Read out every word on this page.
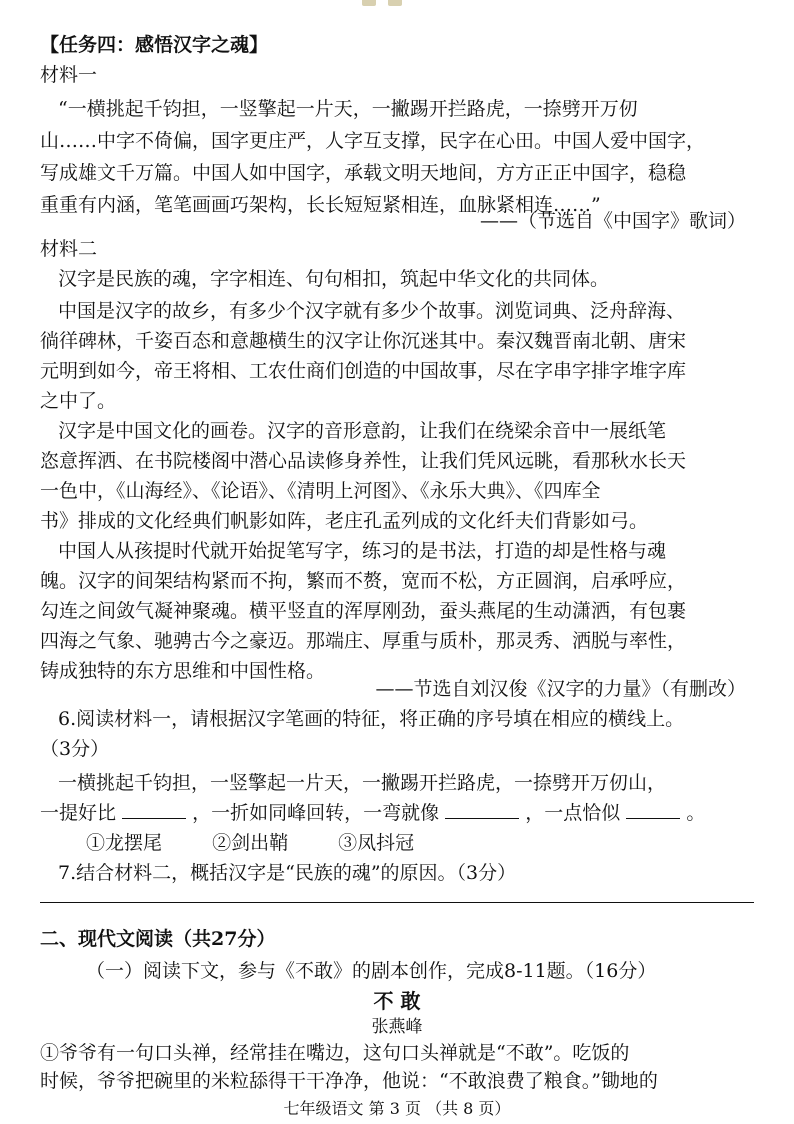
【任务四：感悟汉字之魂】
材料一
“一横挑起千钧担，一竖擎起一片天，一撇踢开拦路虎，一捺劈开万仞
山……中字不倚偏，国字更庄严，人字互支撑，民字在心田。中国人爱中国字，
写成雄文千万篇。中国人如中国字，承载文明天地间，方方正正中国字，稳稳
重重有内涵，笔笔画画巧架构，长长短短紧相连，血脉紧相连……”
——（节选自《中国字》歌词）
材料二
汉字是民族的魂，字字相连、句句相扣，筑起中华文化的共同体。
中国是汉字的故乡，有多少个汉字就有多少个故事。浏览词典、泛舟辞海、
徜徉碑林，千姿百态和意趣横生的汉字让你沉迷其中。秦汉魏晋南北朝、唐宋
元明到如今，帝王将相、工农仕商们创造的中国故事，尽在字串字排字堆字库
之中了。
汉字是中国文化的画卷。汉字的音形意韵，让我们在绕梁余音中一展纸笔
恣意挥洒、在书院楼阁中潜心品读修身养性，让我们凭风远眺，看那秋水长天
一色中，《山海经》、《论语》、《清明上河图》、《永乐大典》、《四库全
书》排成的文化经典们帆影如阵，老庄孔孟列成的文化纤夫们背影如弓。
中国人从孩提时代就开始捉笔写字，练习的是书法，打造的却是性格与魂
魄。汉字的间架结构紧而不拘，繁而不赘，宽而不松，方正圆润，启承呼应，
勾连之间敛气凝神聚魂。横平竖直的浑厚刚劲，蚕头燕尾的生动潇洒，有包裹
四海之气象、驰骋古今之豪迈。那端庄、厚重与质朴，那灵秀、洒脱与率性，
铸成独特的东方思维和中国性格。
——节选自刘汉俊《汉字的力量》（有删改）
6.阅读材料一，请根据汉字笔画的特征，将正确的序号填在相应的横线上。
（3分）
一横挑起千钧担，一竖擎起一片天，一撇踢开拦路虎，一捺劈开万仞山，
一提好比	，一折如同峰回转，一弯就像	，一点恰似	。
①龙摆尾	②剑出鞘	③凤抖冠
7.结合材料二，概括汉字是“民族的魂”的原因。（3分）
二、现代文阅读（共27分）
（一）阅读下文，参与《不敢》的剧本创作，完成8-11题。（16分）
不 敢
张燕峰
①爷爷有一句口头禅，经常挂在嘴边，这句口头禅就是“不敢”。吃饭的
时候，爷爷把碗里的米粒舔得干干净净，他说：“不敢浪费了粮食。”锄地的
七年级语文 第 3 页 （共 8 页）
